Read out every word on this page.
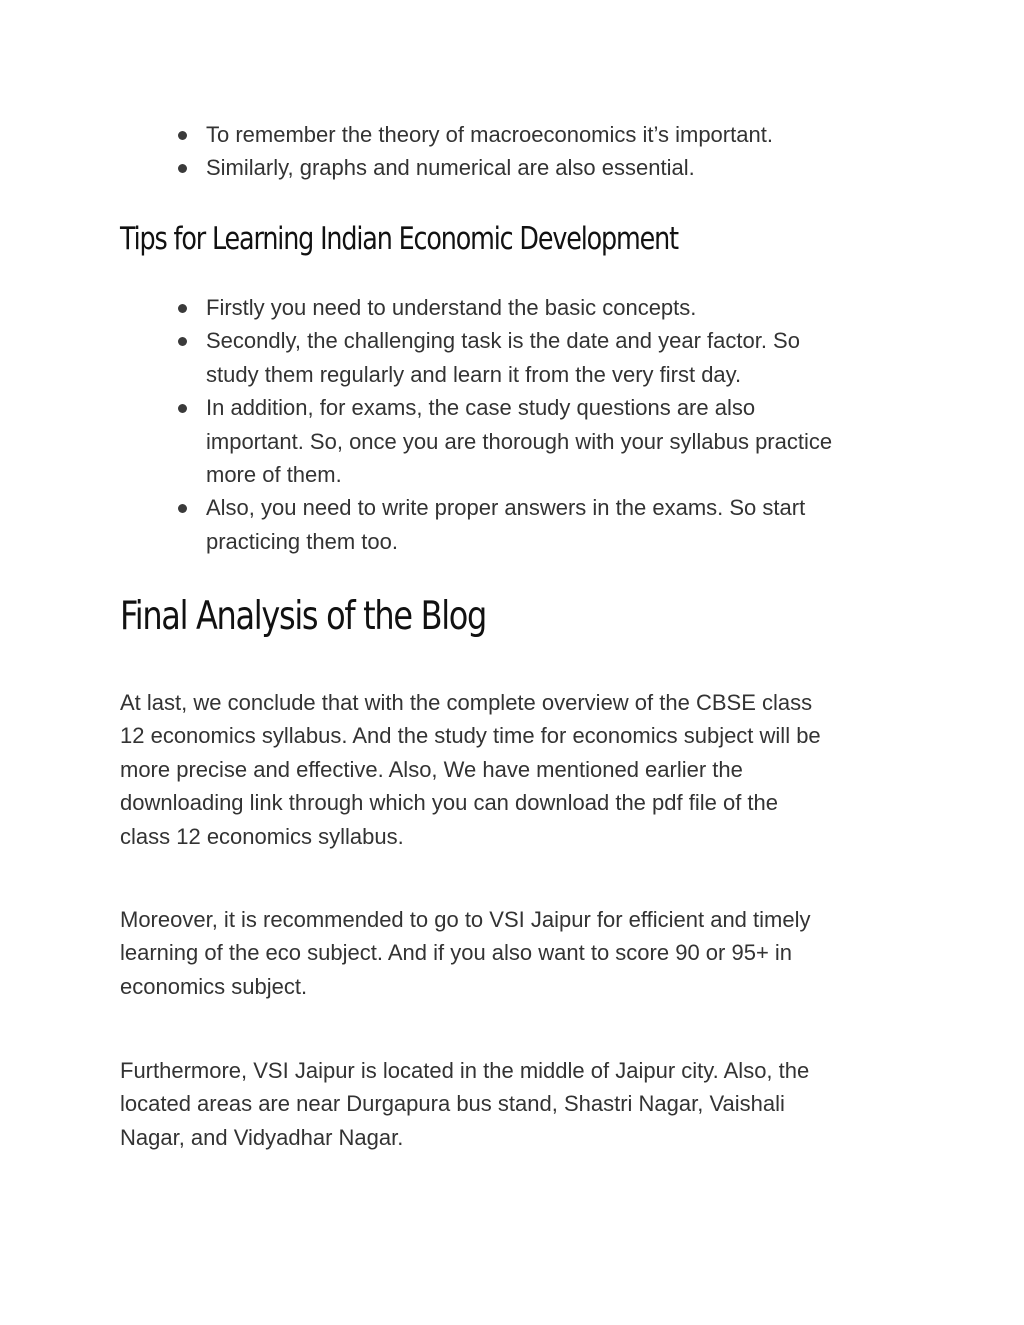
To remember the theory of macroeconomics it’s important.
Similarly, graphs and numerical are also essential.
Tips for Learning Indian Economic Development
Firstly you need to understand the basic concepts.
Secondly, the challenging task is the date and year factor. So
study them regularly and learn it from the very first day.
In addition, for exams, the case study questions are also
important. So, once you are thorough with your syllabus practice
more of them.
Also, you need to write proper answers in the exams. So start
practicing them too.
Final Analysis of the Blog

At last, we conclude that with the complete overview of the CBSE class
12 economics syllabus. And the study time for economics subject will be
more precise and effective. Also, We have mentioned earlier the
downloading link through which you can download the pdf file of the
class 12 economics syllabus.

Moreover, it is recommended to go to VSI Jaipur for efficient and timely
learning of the eco subject. And if you also want to score 90 or 95+ in
economics subject.

Furthermore, VSI Jaipur is located in the middle of Jaipur city. Also, the
located areas are near Durgapura bus stand, Shastri Nagar, Vaishali
Nagar, and Vidyadhar Nagar.
